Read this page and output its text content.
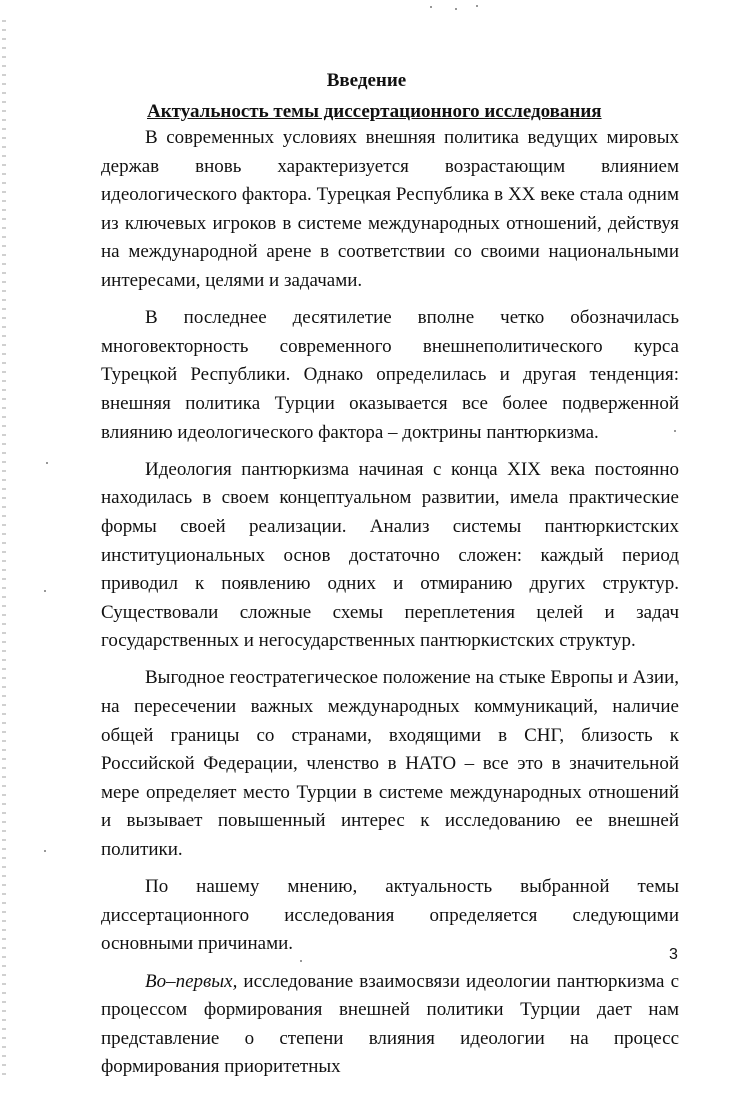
Введение
Актуальность темы диссертационного исследования

В современных условиях внешняя политика ведущих мировых держав вновь характеризуется возрастающим влиянием идеологического фактора. Турецкая Республика в XX веке стала одним из ключевых игроков в системе международных отношений, действуя на международной арене в соответствии со своими национальными интересами, целями и задачами.

В последнее десятилетие вполне четко обозначилась многовекторность современного внешнеполитического курса Турецкой Республики. Однако определилась и другая тенденция: внешняя политика Турции оказывается все более подверженной влиянию идеологического фактора – доктрины пантюркизма.

Идеология пантюркизма начиная с конца XIX века постоянно находилась в своем концептуальном развитии, имела практические формы своей реализации. Анализ системы пантюркистских институциональных основ достаточно сложен: каждый период приводил к появлению одних и отмиранию других структур. Существовали сложные схемы переплетения целей и задач государственных и негосударственных пантюркистских структур.

Выгодное геостратегическое положение на стыке Европы и Азии, на пересечении важных международных коммуникаций, наличие общей границы со странами, входящими в СНГ, близость к Российской Федерации, членство в НАТО – все это в значительной мере определяет место Турции в системе международных отношений и вызывает повышенный интерес к исследованию ее внешней политики.

По нашему мнению, актуальность выбранной темы диссертационного исследования определяется следующими основными причинами.

Во–первых, исследование взаимосвязи идеологии пантюркизма с процессом формирования внешней политики Турции дает нам представление о степени влияния идеологии на процесс формирования приоритетных

3
